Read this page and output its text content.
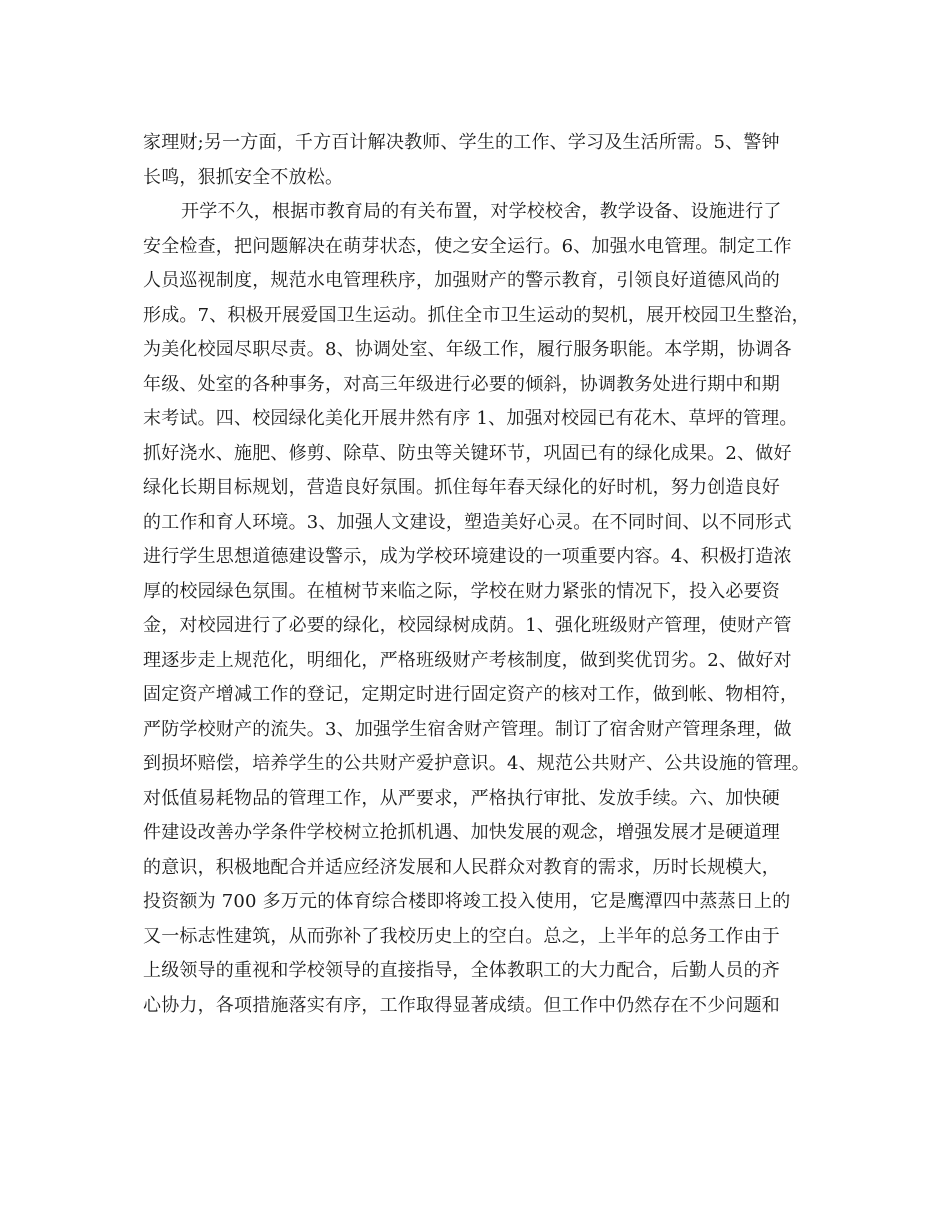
家理财;另一方面，千方百计解决教师、学生的工作、学习及生活所需。5、警钟
长鸣，狠抓安全不放松。
开学不久，根据市教育局的有关布置，对学校校舍，教学设备、设施进行了
安全检查，把问题解决在萌芽状态，使之安全运行。6、加强水电管理。制定工作
人员巡视制度，规范水电管理秩序，加强财产的警示教育，引领良好道德风尚的
形成。7、积极开展爱国卫生运动。抓住全市卫生运动的契机，展开校园卫生整治，
为美化校园尽职尽责。8、协调处室、年级工作，履行服务职能。本学期，协调各
年级、处室的各种事务，对高三年级进行必要的倾斜，协调教务处进行期中和期
末考试。四、校园绿化美化开展井然有序 1、加强对校园已有花木、草坪的管理。
抓好浇水、施肥、修剪、除草、防虫等关键环节，巩固已有的绿化成果。2、做好
绿化长期目标规划，营造良好氛围。抓住每年春天绿化的好时机，努力创造良好
的工作和育人环境。3、加强人文建设，塑造美好心灵。在不同时间、以不同形式
进行学生思想道德建设警示，成为学校环境建设的一项重要内容。4、积极打造浓
厚的校园绿色氛围。在植树节来临之际，学校在财力紧张的情况下，投入必要资
金，对校园进行了必要的绿化，校园绿树成荫。1、强化班级财产管理，使财产管
理逐步走上规范化，明细化，严格班级财产考核制度，做到奖优罚劣。2、做好对
固定资产增减工作的登记，定期定时进行固定资产的核对工作，做到帐、物相符，
严防学校财产的流失。3、加强学生宿舍财产管理。制订了宿舍财产管理条理，做
到损坏赔偿，培养学生的公共财产爱护意识。4、规范公共财产、公共设施的管理。
对低值易耗物品的管理工作，从严要求，严格执行审批、发放手续。六、加快硬
件建设改善办学条件学校树立抢抓机遇、加快发展的观念，增强发展才是硬道理
的意识，积极地配合并适应经济发展和人民群众对教育的需求，历时长规模大，
投资额为 700 多万元的体育综合楼即将竣工投入使用，它是鹰潭四中蒸蒸日上的
又一标志性建筑，从而弥补了我校历史上的空白。总之，上半年的总务工作由于
上级领导的重视和学校领导的直接指导，全体教职工的大力配合，后勤人员的齐
心协力，各项措施落实有序，工作取得显著成绩。但工作中仍然存在不少问题和
